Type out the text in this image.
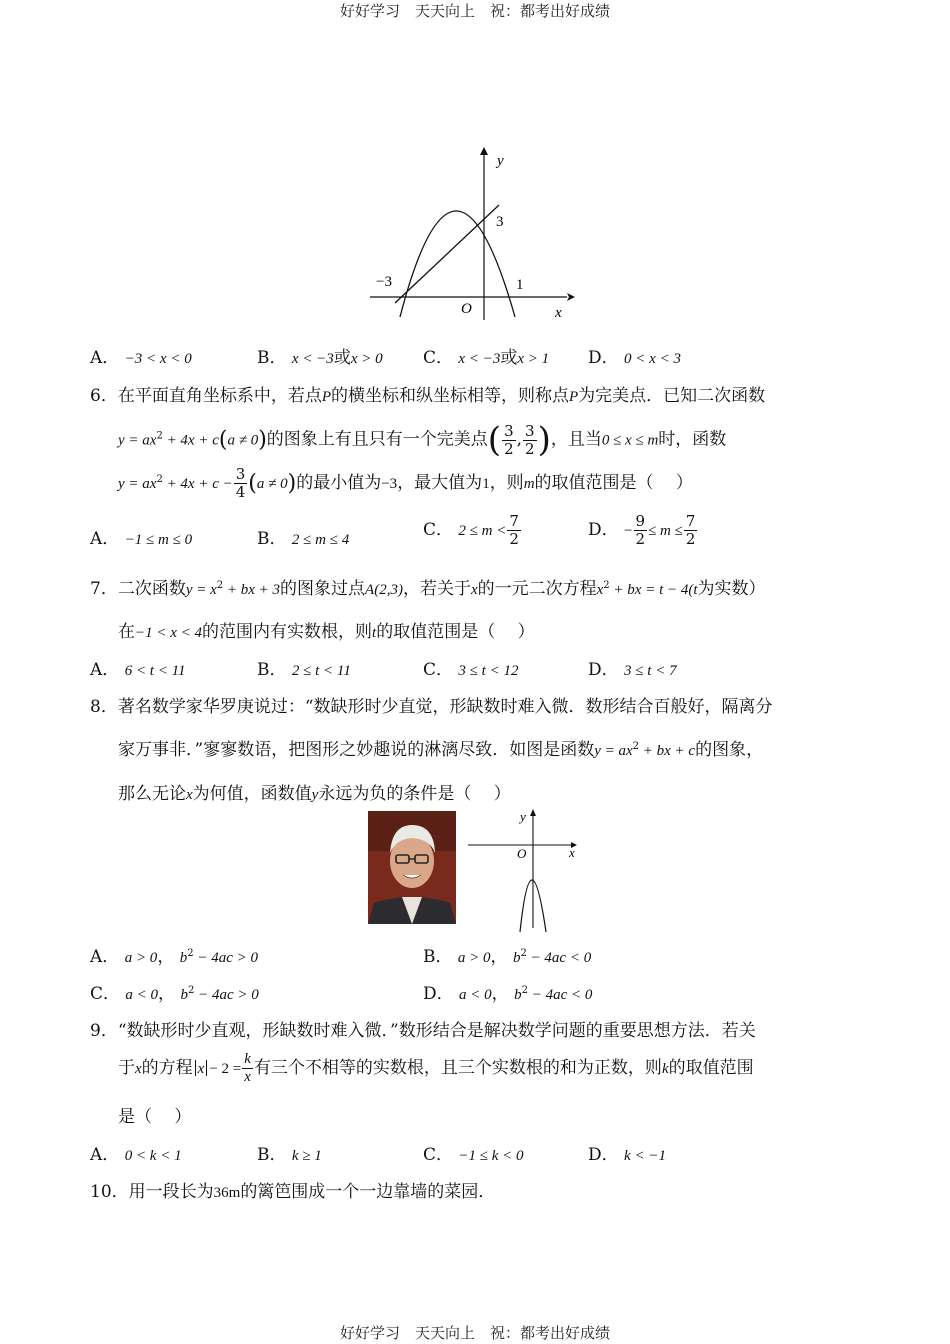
好好学习　天天向上　祝：都考出好成绩
y
x
O
3
−3	1
A． −3 < x < 0	B． x < −3或x > 0 C． x < −3或x > 1 D． 0 < x < 3
6．在平面直角坐标系中，若点P的横坐标和纵坐标相等，则称点P为完美点．已知二次函数
$y = ax^2 + 4x + c(a \ne 0)$的图象上有且只有一个完美点( $\frac{3}{2}$ , $\frac{3}{2}$ )，且当0 ≤ x ≤ m时，函数
$y = ax^2 + 4x + c - \frac{3}{4} (a \ne 0)$的最小值为−3，最大值为1，则m的取值范围是（　 ）
A． −1 ≤ m ≤ 0	B． 2 ≤ m ≤ 4	C． $2 \le m < \frac{7}{2}$	D． − $\frac{9}{2} \le m \le \frac{7}{2}$
7．二次函数$y = x^2$ + bx + 3的图象过点A(2,3)，若关于x的一元二次方程$x^2$ + bx = t − 4(t为实数）
在−1 < x < 4的范围内有实数根，则t的取值范围是（　 ）
A． 6 < t < 11	B． 2 ≤ t < 11	C． 3 ≤ t < 12	D． 3 ≤ t < 7
8．著名数学家华罗庚说过：“数缺形时少直觉，形缺数时难入微．数形结合百般好，隔离分
家万事非．”寥寥数语，把图形之妙趣说的淋漓尽致．如图是函数$y = ax^2$ + bx + c的图象，
那么无论x为何值，函数值y永远为负的条件是（　 ）
y
O	x
A． a > 0， $b^2 - 4ac > 0$	B． a > 0， $b^2 - 4ac < 0$
C． a < 0， $b^2 - 4ac > 0$	D． a < 0， $b^2 - 4ac < 0$
9．“数缺形时少直观，形缺数时难入微．”数形结合是解决数学问题的重要思想方法．若关
于x的方程 $x - 2 = \frac{k}{x}$ 有三个不相等的实数根，且三个实数根的和为正数，则k的取值范围
是（　 ）
A． 0 < k < 1	B． k ≥ 1	C． −1 ≤ k < 0	D． k < −1
10．用一段长为36m的篱笆围成一个一边靠墙的菜园．
好好学习　天天向上　祝：都考出好成绩
